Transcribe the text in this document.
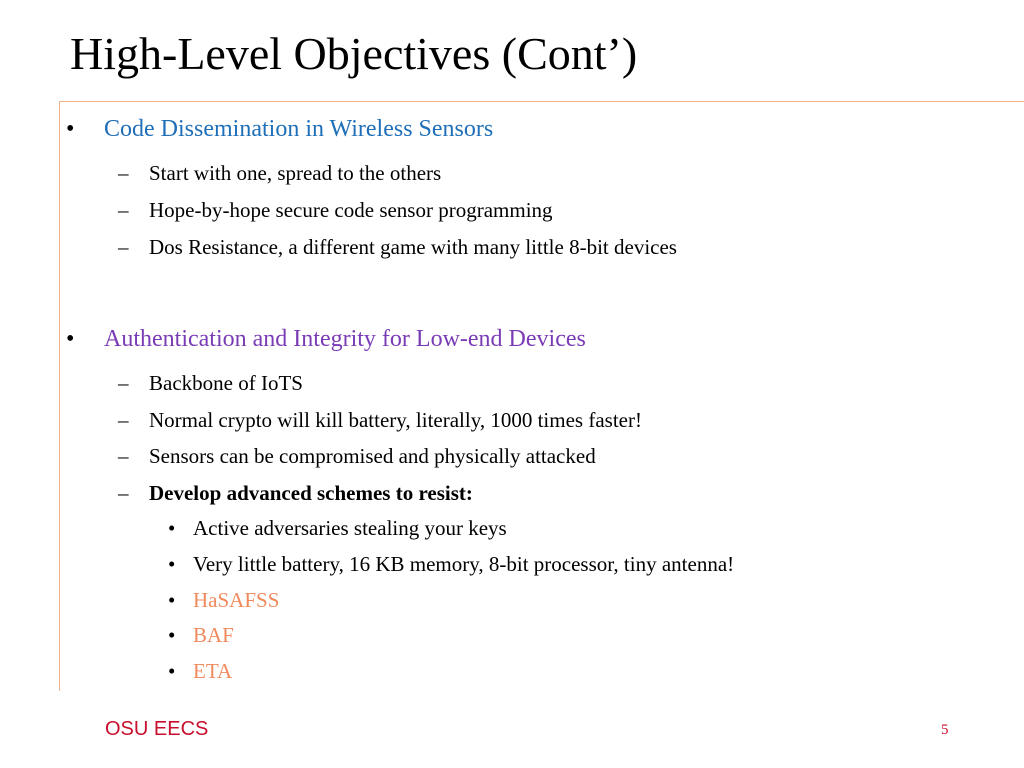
High-Level Objectives (Cont’)
• Code Dissemination in Wireless Sensors
– Start with one, spread to the others
– Hope-by-hope secure code sensor programming
– Dos Resistance, a different game with many little 8-bit devices
• Authentication and Integrity for Low-end Devices
– Backbone of IoTS
– Normal crypto will kill battery, literally, 1000 times faster!
– Sensors can be compromised and physically attacked
– Develop advanced schemes to resist:
• Active adversaries stealing your keys
• Very little battery, 16 KB memory, 8-bit processor, tiny antenna!
• HaSAFSS
• BAF
• ETA
OSU EECS	5
